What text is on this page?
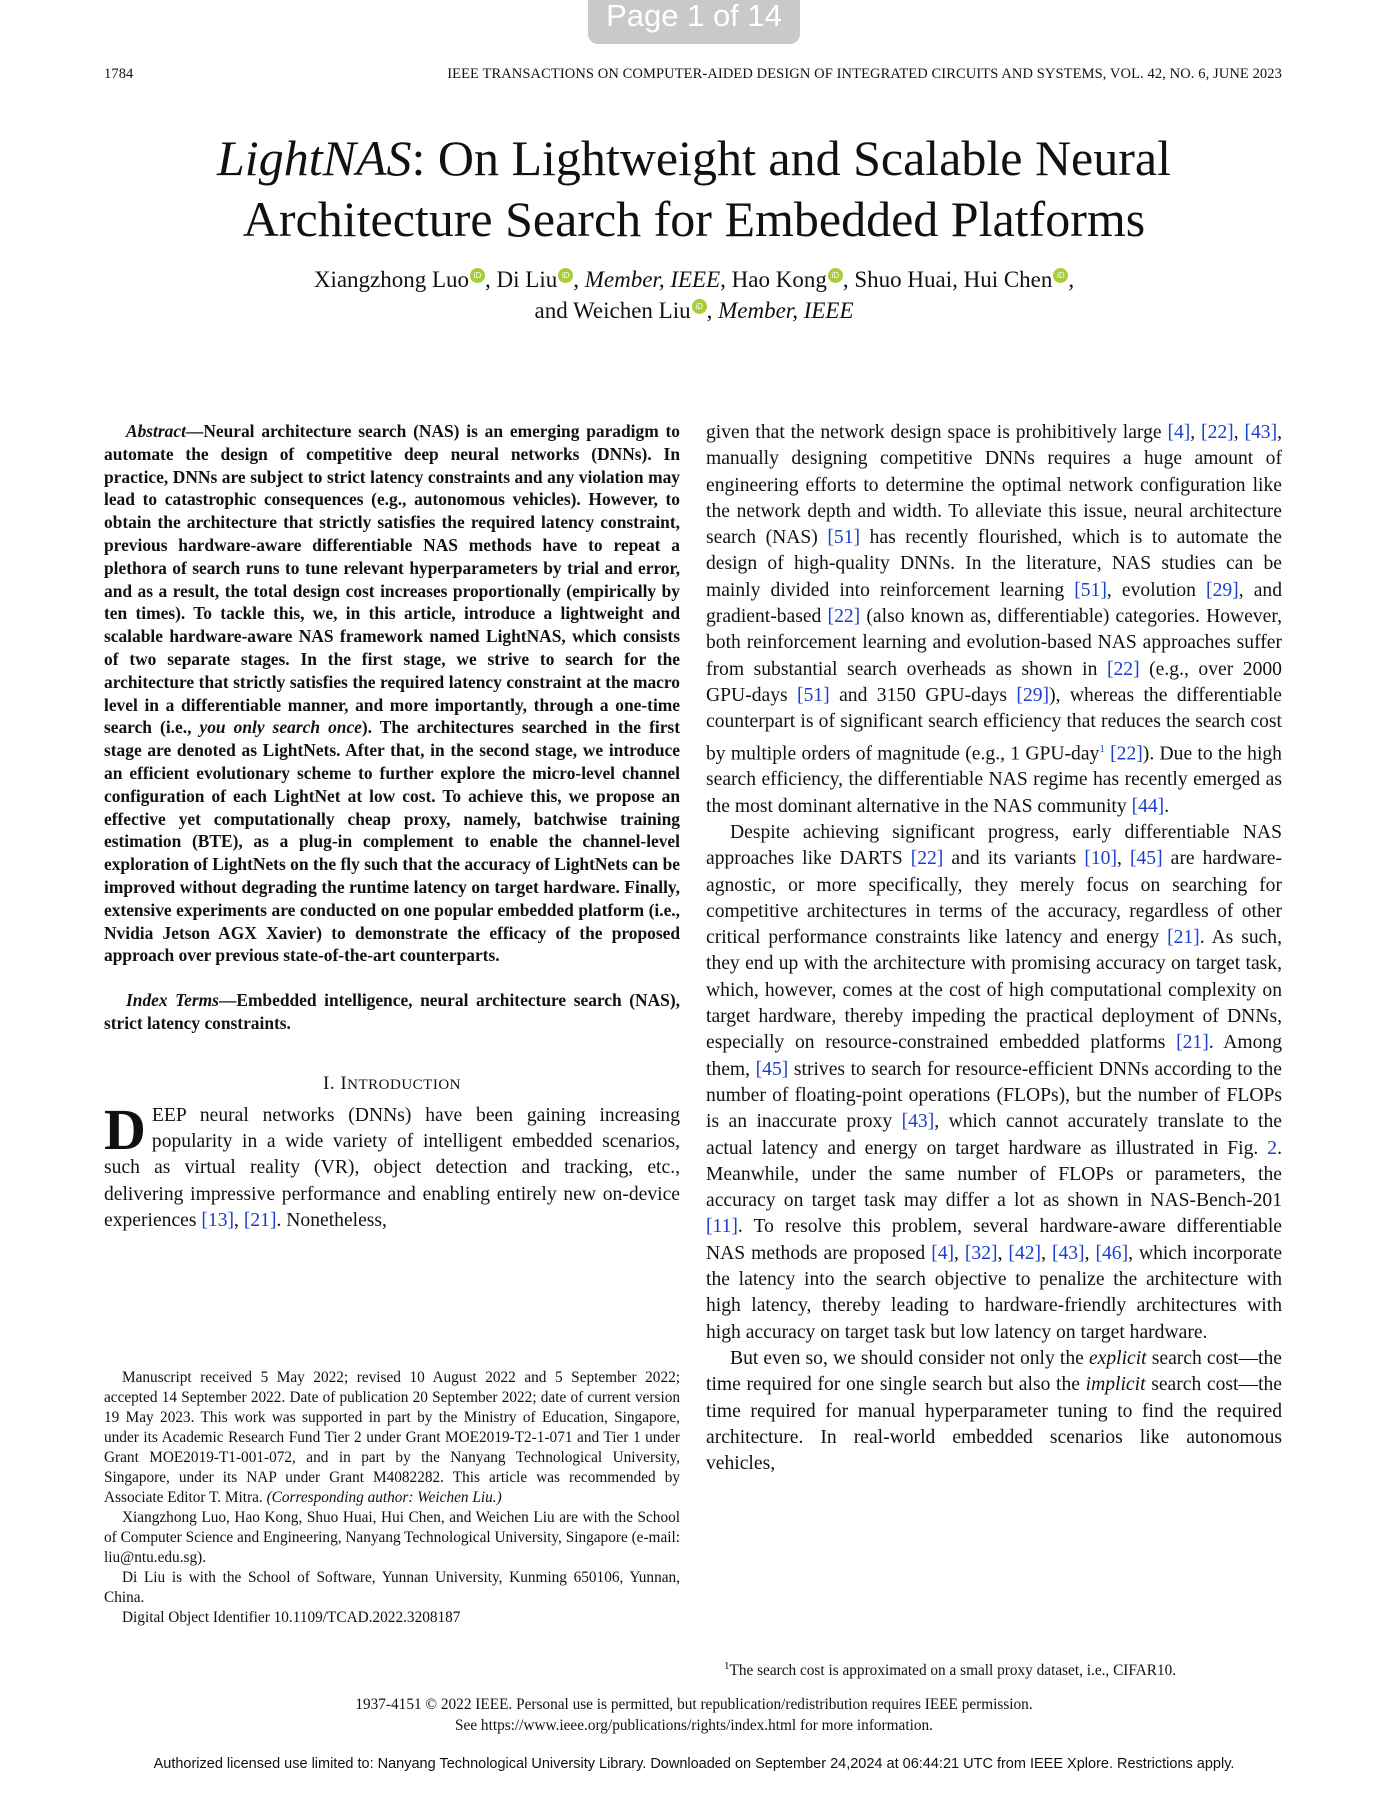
Page 1 of 14
1784	IEEE TRANSACTIONS ON COMPUTER-AIDED DESIGN OF INTEGRATED CIRCUITS AND SYSTEMS, VOL. 42, NO. 6, JUNE 2023
LightNAS: On Lightweight and Scalable Neural
Architecture Search for Embedded Platforms
Xiangzhong Luo iD , Di Liu iD , Member, IEEE, Hao Kong iD , Shuo Huai, Hui Chen iD ,
and Weichen Liu iD , Member, IEEE

Abstract—Neural architecture search (NAS) is an emerging paradigm to automate the design of competitive deep neural networks (DNNs). In practice, DNNs are subject to strict latency constraints and any violation may lead to catastrophic consequences (e.g., autonomous vehicles). However, to obtain the architecture that strictly satisfies the required latency constraint, previous hardware-aware differentiable NAS methods have to repeat a plethora of search runs to tune relevant hyperparameters by trial and error, and as a result, the total design cost increases proportionally (empirically by ten times). To tackle this, we, in this article, introduce a lightweight and scalable hardware-aware NAS framework named LightNAS, which consists of two separate stages. In the first stage, we strive to search for the architecture that strictly satisfies the required latency constraint at the macro level in a differentiable manner, and more importantly, through a one-time search (i.e., you only search once). The architectures searched in the first stage are denoted as LightNets. After that, in the second stage, we introduce an efficient evolutionary scheme to further explore the micro-level channel configuration of each LightNet at low cost. To achieve this, we propose an effective yet computationally cheap proxy, namely, batchwise training estimation (BTE), as a plug-in complement to enable the channel-level exploration of LightNets on the fly such that the accuracy of LightNets can be improved without degrading the runtime latency on target hardware. Finally, extensive experiments are conducted on one popular embedded platform (i.e., Nvidia Jetson AGX Xavier) to demonstrate the efficacy of the proposed approach over previous state-of-the-art counterparts.

Index Terms—Embedded intelligence, neural architecture search (NAS), strict latency constraints.

I. INTRODUCTION

DEEP neural networks (DNNs) have been gaining increasing popularity in a wide variety of intelligent embedded scenarios, such as virtual reality (VR), object detection and tracking, etc., delivering impressive performance and enabling entirely new on-device experiences [13], [21]. Nonetheless,

Manuscript received 5 May 2022; revised 10 August 2022 and 5 September 2022; accepted 14 September 2022. Date of publication 20 September 2022; date of current version 19 May 2023. This work was supported in part by the Ministry of Education, Singapore, under its Academic Research Fund Tier 2 under Grant MOE2019-T2-1-071 and Tier 1 under Grant MOE2019-T1-001-072, and in part by the Nanyang Technological University, Singapore, under its NAP under Grant M4082282. This article was recommended by Associate Editor T. Mitra. (Corresponding author: Weichen Liu.)

Xiangzhong Luo, Hao Kong, Shuo Huai, Hui Chen, and Weichen Liu are with the School of Computer Science and Engineering, Nanyang Technological University, Singapore (e-mail: liu@ntu.edu.sg).

Di Liu is with the School of Software, Yunnan University, Kunming 650106, Yunnan, China.

Digital Object Identifier 10.1109/TCAD.2022.3208187

given that the network design space is prohibitively large [4], [22], [43], manually designing competitive DNNs requires a huge amount of engineering efforts to determine the optimal network configuration like the network depth and width. To alleviate this issue, neural architecture search (NAS) [51] has recently flourished, which is to automate the design of high-quality DNNs. In the literature, NAS studies can be mainly divided into reinforcement learning [51], evolution [29], and gradient-based [22] (also known as, differentiable) categories. However, both reinforcement learning and evolution-based NAS approaches suffer from substantial search overheads as shown in [22] (e.g., over 2000 GPU-days [51] and 3150 GPU-days [29]), whereas the differentiable counterpart is of significant search efficiency that reduces the search cost by multiple orders of magnitude (e.g., 1 GPU-day$^1$ [22]). Due to the high search efficiency, the differentiable NAS regime has recently emerged as the most dominant alternative in the NAS community [44].

Despite achieving significant progress, early differentiable NAS approaches like DARTS [22] and its variants [10], [45] are hardware-agnostic, or more specifically, they merely focus on searching for competitive architectures in terms of the accuracy, regardless of other critical performance constraints like latency and energy [21]. As such, they end up with the architecture with promising accuracy on target task, which, however, comes at the cost of high computational complexity on target hardware, thereby impeding the practical deployment of DNNs, especially on resource-constrained embedded platforms [21]. Among them, [45] strives to search for resource-efficient DNNs according to the number of floating-point operations (FLOPs), but the number of FLOPs is an inaccurate proxy [43], which cannot accurately translate to the actual latency and energy on target hardware as illustrated in Fig. 2. Meanwhile, under the same number of FLOPs or parameters, the accuracy on target task may differ a lot as shown in NAS-Bench-201 [11]. To resolve this problem, several hardware-aware differentiable NAS methods are proposed [4], [32], [42], [43], [46], which incorporate the latency into the search objective to penalize the architecture with high latency, thereby leading to hardware-friendly architectures with high accuracy on target task but low latency on target hardware.

But even so, we should consider not only the explicit search cost—the time required for one single search but also the implicit search cost—the time required for manual hyperparameter tuning to find the required architecture. In real-world embedded scenarios like autonomous vehicles,

$^1$The search cost is approximated on a small proxy dataset, i.e., CIFAR10.
1937-4151 © 2022 IEEE. Personal use is permitted, but republication/redistribution requires IEEE permission.
See https://www.ieee.org/publications/rights/index.html for more information.
Authorized licensed use limited to: Nanyang Technological University Library. Downloaded on September 24,2024 at 06:44:21 UTC from IEEE Xplore. Restrictions apply.
